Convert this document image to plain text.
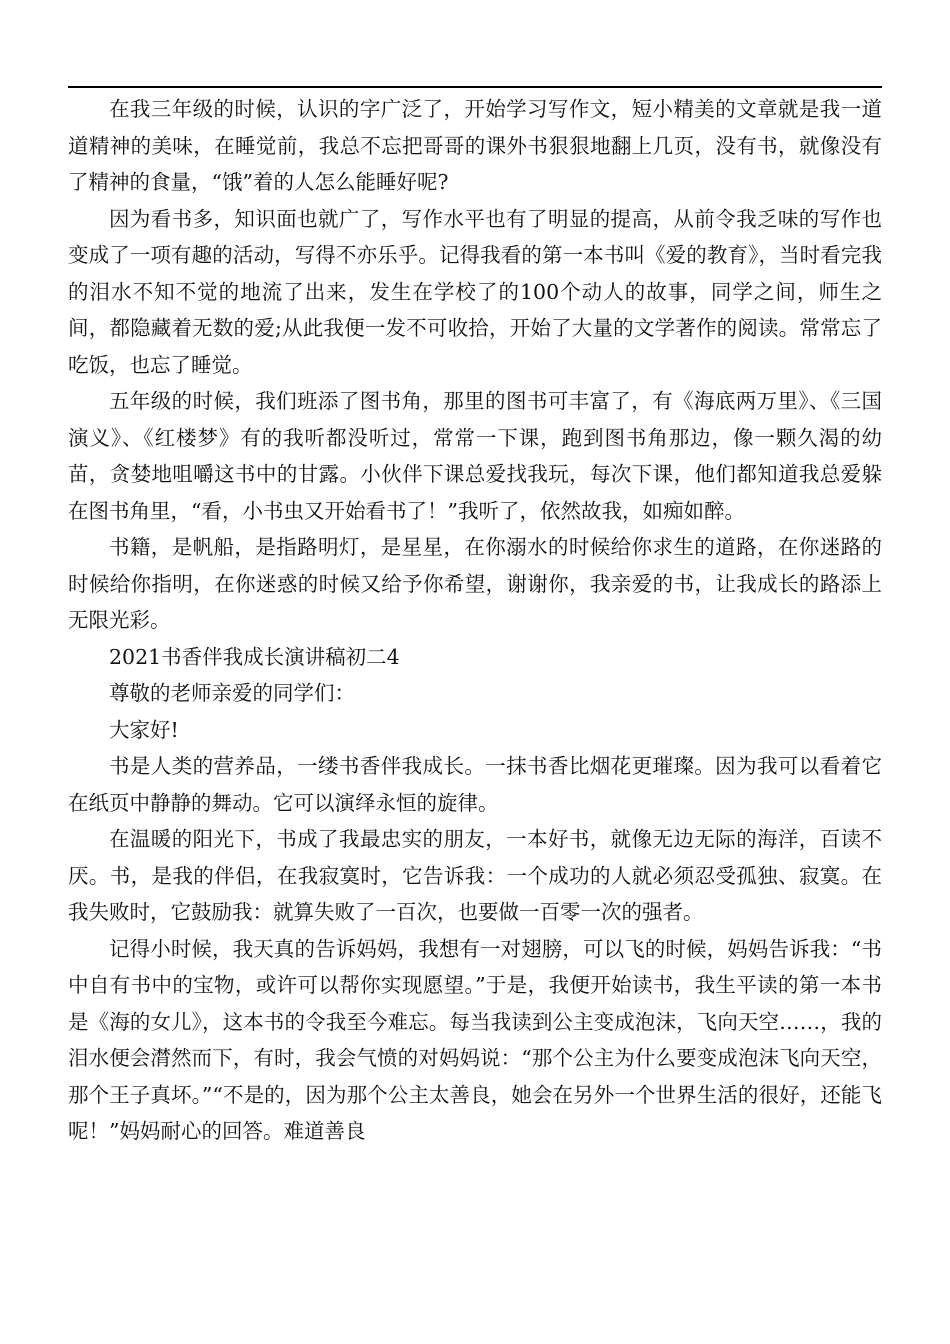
在我三年级的时候，认识的字广泛了，开始学习写作文，短小精美的文章就是我一道道精神的美味，在睡觉前，我总不忘把哥哥的课外书狠狠地翻上几页，没有书，就像没有了精神的食量，“饿”着的人怎么能睡好呢?

因为看书多，知识面也就广了，写作水平也有了明显的提高，从前令我乏味的写作也变成了一项有趣的活动，写得不亦乐乎。记得我看的第一本书叫《爱的教育》，当时看完我的泪水不知不觉的地流了出来，发生在学校了的100个动人的故事，同学之间，师生之间，都隐藏着无数的爱;从此我便一发不可收拾，开始了大量的文学著作的阅读。常常忘了吃饭，也忘了睡觉。

五年级的时候，我们班添了图书角，那里的图书可丰富了，有《海底两万里》、《三国演义》、《红楼梦》有的我听都没听过，常常一下课，跑到图书角那边，像一颗久渴的幼苗，贪婪地咀嚼这书中的甘露。小伙伴下课总爱找我玩，每次下课，他们都知道我总爱躲在图书角里，“看，小书虫又开始看书了！”我听了，依然故我，如痴如醉。

书籍，是帆船，是指路明灯，是星星，在你溺水的时候给你求生的道路，在你迷路的时候给你指明，在你迷惑的时候又给予你希望，谢谢你，我亲爱的书，让我成长的路添上无限光彩。

2021书香伴我成长演讲稿初二4

尊敬的老师亲爱的同学们：

大家好!

书是人类的营养品，一缕书香伴我成长。一抹书香比烟花更璀璨。因为我可以看着它在纸页中静静的舞动。它可以演绎永恒的旋律。

在温暖的阳光下，书成了我最忠实的朋友，一本好书，就像无边无际的海洋，百读不厌。书，是我的伴侣，在我寂寞时，它告诉我：一个成功的人就必须忍受孤独、寂寞。在我失败时，它鼓励我：就算失败了一百次，也要做一百零一次的强者。

记得小时候，我天真的告诉妈妈，我想有一对翅膀，可以飞的时候，妈妈告诉我：“书中自有书中的宝物，或许可以帮你实现愿望。”于是，我便开始读书，我生平读的第一本书是《海的女儿》，这本书的令我至今难忘。每当我读到公主变成泡沫，飞向天空……，我的泪水便会潸然而下，有时，我会气愤的对妈妈说：“那个公主为什么要变成泡沫飞向天空，那个王子真坏。”“不是的，因为那个公主太善良，她会在另外一个世界生活的很好，还能飞呢！”妈妈耐心的回答。难道善良
